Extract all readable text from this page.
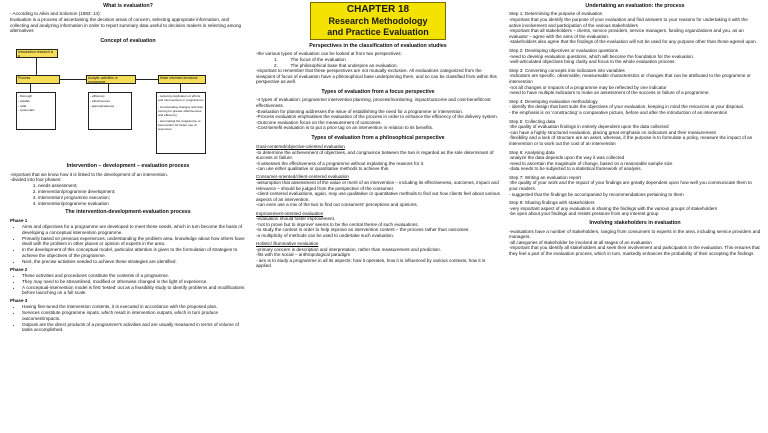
What is evaluation?

- According to Aikin and Solomon (1983: 14):

Evaluation is a process of ascertaining the decision areas of concern, selecting appropriate information, and collecting and analyzing information in order to report summary data useful to decision makers in selecting among alternatives

Concept of evaluation
Introduction research is a
Process	Analytic activities or programme
Make informed decisions
- thorough
- reliable
- valid
- systematic
- efficiency
- effectiveness
- appropriateness
- reducing duplication of efforts and interventions or programmes
- incorporating changes and then turning for greater effectiveness and efficiency
- terminating the programme or intervention for better use of resources
Intervention – development – evaluation process

-important that we know how it is linked to the development of an intervention.

-divided into four phases:

1. needs assessment;
2. intervention/programme development;
3. intervention/ programme execution;
4. intervention/programme evaluation
The intervention-development-evaluation process
Phase 1
• Aims and objectives for a programme are developed to meet these needs, which in turn become the basis of developing a conceptual intervention programme.
• Primarily based on previous experiences, understanding the problem area, knowledge about how others have dealt with the problem in other places or opinion of experts in the area.
• In the development of this conceptual model, particular attention is given to the formulation of strategies to achieve the objectives of the programme.
• Next, the precise activities needed to achieve these strategies are identified.
Phase 2
• These activities and procedures constitute the contents of a programme.
• They may need to be streamlined, modified or otherwise changed in the light of experience.
• A conceptual-intervention model is first 'tested' out as a feasibility study to identify problems and modifications before launching on a full scale.
Phase 3
• Having fine-tuned the intervention contents, it is executed in accordance with the proposed plan.
• Services constitute programme inputs, which result in intervention outputs, which in turn produce outcomes/impacts.
• Outputs are the direct products of a programme's activities and are usually measured in terms of volume of tasks accomplished.
CHAPTER 18
Research Methodology
and Practice Evaluation
Perspectives in the classification of evaluation studies

-the various types of evaluation can be looked at from two perspectives:

1.          The focus of the evaluation

2.          The philosophical base that underpins an evaluation.

-important to remember that these perspectives are not mutually exclusive. All evaluations categorized from the viewpoint of focus of evaluation have a philosophical base underpinning them, and so can be classified from within this perspective as well.

Types of evaluation from a focus perspective

-4 types of evaluation: programme/ intervention planning, process/monitoring, impact/outcome and cost-benefit/cost effectiveness.

-Evaluation for planning addresses the issue of establishing the need for a programme or intervention.

-Process evaluation emphasises the evaluation of the process in order to enhance the efficiency of the delivery system.

-Outcome evaluation focus on the measurement of outcomes.

-Cost-benefit evaluation is to put a price tag on an intervention in relation to its benefits.

Types of evaluation from a philosophical perspective
Goal-centered/objective-oriented evaluation

-to determine the achievement of objectives, and congruence between the two is regarded as the sole determinant of success or failure.

-it assesses the effectiveness of a programme without explaining the reasons for it.

-can use either qualitative or quantitative methods to achieve this.

Consumer-oriented/client-centered evaluation

-assumption that assessment of the value or merit of an intervention – including its effectiveness, outcomes, impact and relevance – should be judged from the perspective of the consumer.

-client-centered evaluations, again, may use qualitative or quantitative methods to find out how clients feel about various aspects of an intervention.

-can even use a mix of the two to find out consumers' perceptions and opinions.

Improvement-oriented evaluation

-evaluation should foster improvement.

-'not to prove but to improve' seems to be the central theme of such evaluations.

-to study the context in order to help improve an intervention content – the process rather than outcomes.

-a multiplicity of methods can be used to undertake such evaluation.

Holistic/ illuminative evaluation

-primary concern is description and interpretation, rather than measurement and prediction.

-fits with the social – anthropological paradigm

- aim is to study a programme in all its aspects: how it operates, how it is influenced by various contexts, how it is applied.

Undertaking an evaluation: the process

Step 1: Determining the purpose of evaluation

-important that you identify the purpose of your evaluation and find answers to your reasons for undertaking it with the active involvement and participation of the various stakeholders

-important that all stakeholders – clients, service providers, service managers, funding organizations and you, as an evaluator – agree with the aims of the evaluation.

-stakeholders also agree that the findings of the evaluation will not be used for any purpose other than those agreed upon.

Step 2: Developing objectives or evaluation questions

-need to develop evaluation questions, which will become the foundation for the evaluation.

-well-articulated objectives bring clarity and focus to the whole evaluation process.

Step 3: Converting concepts into indicators into variables

-indicators are specific, observable, measureable characteristics or changes that can be attributed to the programme or intervention

-not all changes or impacts of a programme may be reflected by one indicator

-need to have multiple indicators to make an assessment of the success or failure of a programme.

Step 4: Developing evaluation methodology

- identify the design that best suits the objectives of your evaluation, keeping in mind the resources at your disposal.

- the emphasis is on 'constructing' a comparative picture, before and after the introduction of an intervention

Step 5: Collecting data

-the quality of evaluation findings in entirely dependent upon the data collected

-can have a highly structured evaluation, placing great emphasis on indicators and their measurement

-flexibility and a lack of structure are an asset, whereas, if the purpose is to formulate a policy, measure the impact of an intervention or to work out the cost of an intervention

Step 6: Analysing data

-analyze the data depends upon the way it was collected

-need to ascertain the magnitude of change, based on a reasonable sample size

-data needs to be subjected to a statistical framework of analysis.

Step 7: Writing an evaluation report

-the quality of your work and the impact of your findings are greatly dependent upon how well you communicate them to your readers.

- suggested that the findings be accompanied by recommendations pertaining to them

Step 8: Sharing findings with stakeholders

-very important aspect of any evaluation is sharing the findings with the various groups of stakeholders

-be open about your findings and resists pressure from any interest group

Involving stakeholders in evaluation

-evaluations have a number of stakeholders, ranging from consumers to experts in the area, including service providers and managers.

-all categories of stakeholder be involved at all stages of an evaluation

-important that you identify all stakeholders and seek their involvement and participation in the evaluation. This ensures that they feel a part of the evaluation process, which in turn, markedly enhances the probability of their accepting the findings
